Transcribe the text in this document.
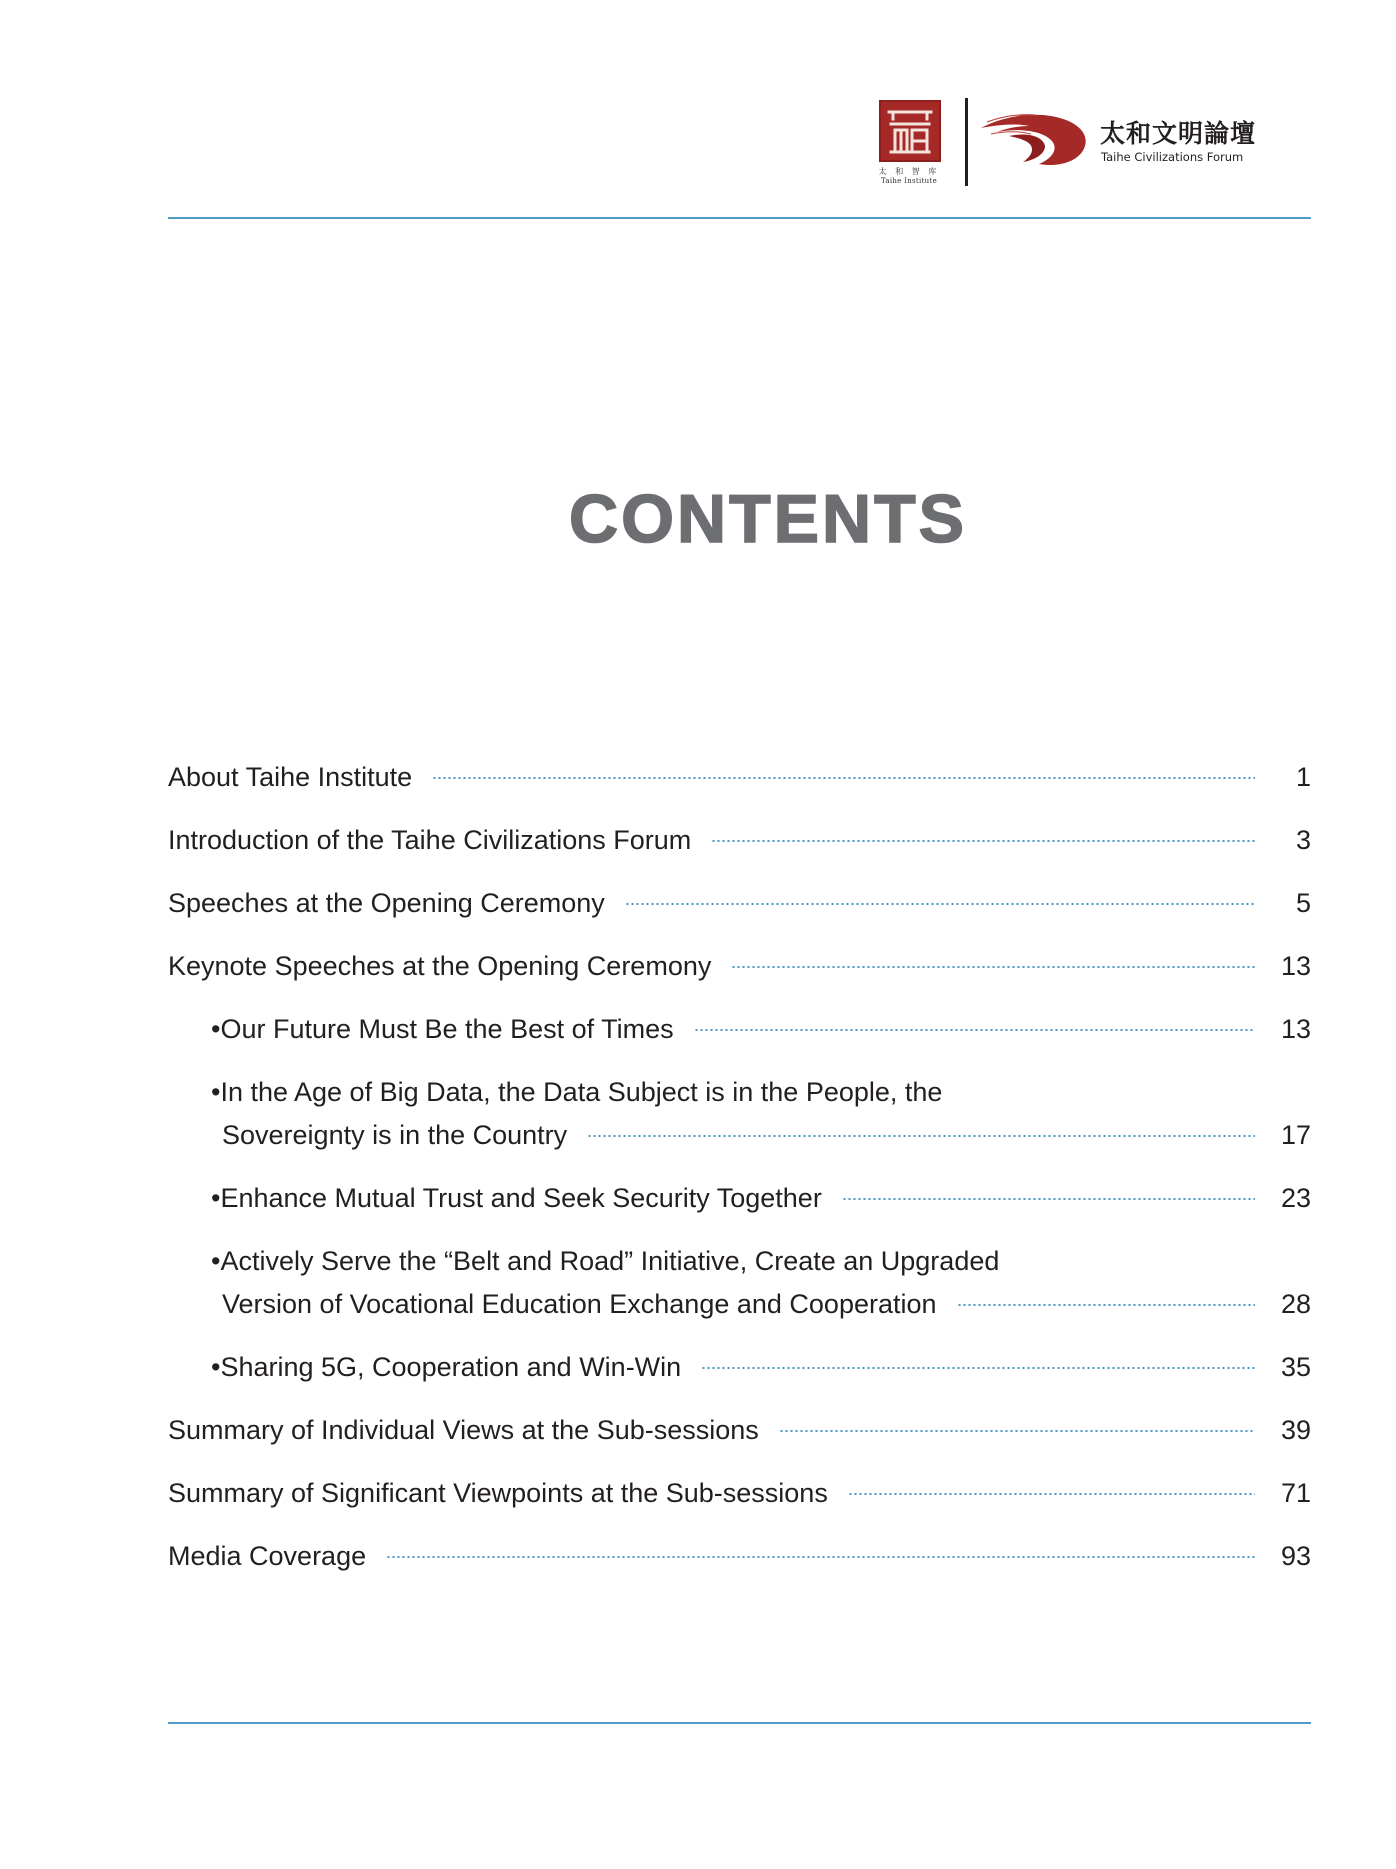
太 和 智 库
Taihe Institute
太和文明論壇
Taihe Civilizations Forum
CONTENTS
About Taihe Institute	1
Introduction of the Taihe Civilizations Forum	3
Speeches at the Opening Ceremony	5
Keynote Speeches at the Opening Ceremony	13
•Our Future Must Be the Best of Times	13
•In the Age of Big Data, the Data Subject is in the People, the
Sovereignty is in the Country	17
•Enhance Mutual Trust and Seek Security Together	23
•Actively Serve the “Belt and Road” Initiative, Create an Upgraded
Version of Vocational Education Exchange and Cooperation	28
•Sharing 5G, Cooperation and Win-Win	35
Summary of Individual Views at the Sub-sessions	39
Summary of Significant Viewpoints at the Sub-sessions	71
Media Coverage	93
